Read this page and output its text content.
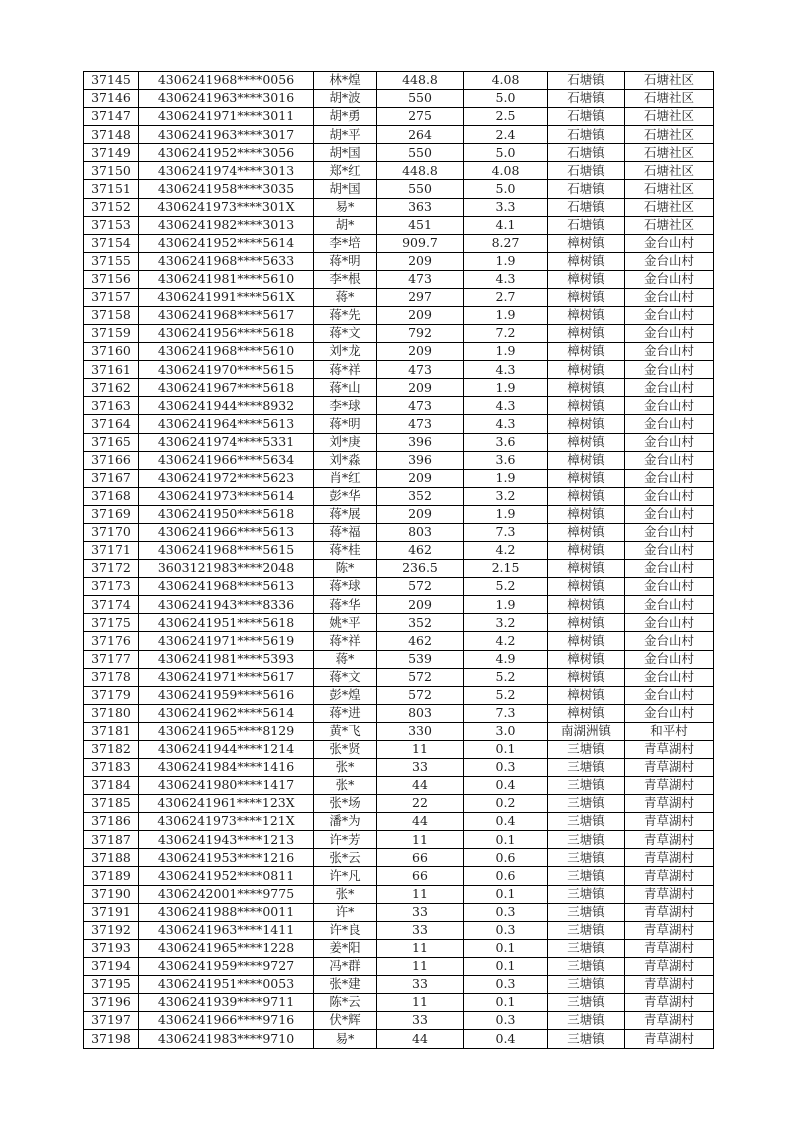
37145	4306241968****0056	林*煌	448.8	4.08	石塘镇	石塘社区
37146	4306241963****3016	胡*波	550	5.0	石塘镇	石塘社区
37147	4306241971****3011	胡*勇	275	2.5	石塘镇	石塘社区
37148	4306241963****3017	胡*平	264	2.4	石塘镇	石塘社区
37149	4306241952****3056	胡*国	550	5.0	石塘镇	石塘社区
37150	4306241974****3013	郑*红	448.8	4.08	石塘镇	石塘社区
37151	4306241958****3035	胡*国	550	5.0	石塘镇	石塘社区
37152	4306241973****301X	易*	363	3.3	石塘镇	石塘社区
37153	4306241982****3013	胡*	451	4.1	石塘镇	石塘社区
37154	4306241952****5614	李*培	909.7	8.27	樟树镇	金台山村
37155	4306241968****5633	蒋*明	209	1.9	樟树镇	金台山村
37156	4306241981****5610	李*根	473	4.3	樟树镇	金台山村
37157	4306241991****561X	蒋*	297	2.7	樟树镇	金台山村
37158	4306241968****5617	蒋*先	209	1.9	樟树镇	金台山村
37159	4306241956****5618	蒋*文	792	7.2	樟树镇	金台山村
37160	4306241968****5610	刘*龙	209	1.9	樟树镇	金台山村
37161	4306241970****5615	蒋*祥	473	4.3	樟树镇	金台山村
37162	4306241967****5618	蒋*山	209	1.9	樟树镇	金台山村
37163	4306241944****8932	李*球	473	4.3	樟树镇	金台山村
37164	4306241964****5613	蒋*明	473	4.3	樟树镇	金台山村
37165	4306241974****5331	刘*庚	396	3.6	樟树镇	金台山村
37166	4306241966****5634	刘*淼	396	3.6	樟树镇	金台山村
37167	4306241972****5623	肖*红	209	1.9	樟树镇	金台山村
37168	4306241973****5614	彭*华	352	3.2	樟树镇	金台山村
37169	4306241950****5618	蒋*展	209	1.9	樟树镇	金台山村
37170	4306241966****5613	蒋*福	803	7.3	樟树镇	金台山村
37171	4306241968****5615	蒋*桂	462	4.2	樟树镇	金台山村
37172	3603121983****2048	陈*	236.5	2.15	樟树镇	金台山村
37173	4306241968****5613	蒋*球	572	5.2	樟树镇	金台山村
37174	4306241943****8336	蒋*华	209	1.9	樟树镇	金台山村
37175	4306241951****5618	姚*平	352	3.2	樟树镇	金台山村
37176	4306241971****5619	蒋*祥	462	4.2	樟树镇	金台山村
37177	4306241981****5393	蒋*	539	4.9	樟树镇	金台山村
37178	4306241971****5617	蒋*文	572	5.2	樟树镇	金台山村
37179	4306241959****5616	彭*煌	572	5.2	樟树镇	金台山村
37180	4306241962****5614	蒋*进	803	7.3	樟树镇	金台山村
37181	4306241965****8129	黄*飞	330	3.0	南湖洲镇	和平村
37182	4306241944****1214	张*贤	11	0.1	三塘镇	青草湖村
37183	4306241984****1416	张*	33	0.3	三塘镇	青草湖村
37184	4306241980****1417	张*	44	0.4	三塘镇	青草湖村
37185	4306241961****123X	张*场	22	0.2	三塘镇	青草湖村
37186	4306241973****121X	潘*为	44	0.4	三塘镇	青草湖村
37187	4306241943****1213	许*芳	11	0.1	三塘镇	青草湖村
37188	4306241953****1216	张*云	66	0.6	三塘镇	青草湖村
37189	4306241952****0811	许*凡	66	0.6	三塘镇	青草湖村
37190	4306242001****9775	张*	11	0.1	三塘镇	青草湖村
37191	4306241988****0011	许*	33	0.3	三塘镇	青草湖村
37192	4306241963****1411	许*良	33	0.3	三塘镇	青草湖村
37193	4306241965****1228	姜*阳	11	0.1	三塘镇	青草湖村
37194	4306241959****9727	冯*群	11	0.1	三塘镇	青草湖村
37195	4306241951****0053	张*建	33	0.3	三塘镇	青草湖村
37196	4306241939****9711	陈*云	11	0.1	三塘镇	青草湖村
37197	4306241966****9716	伏*辉	33	0.3	三塘镇	青草湖村
37198	4306241983****9710	易*	44	0.4	三塘镇	青草湖村
